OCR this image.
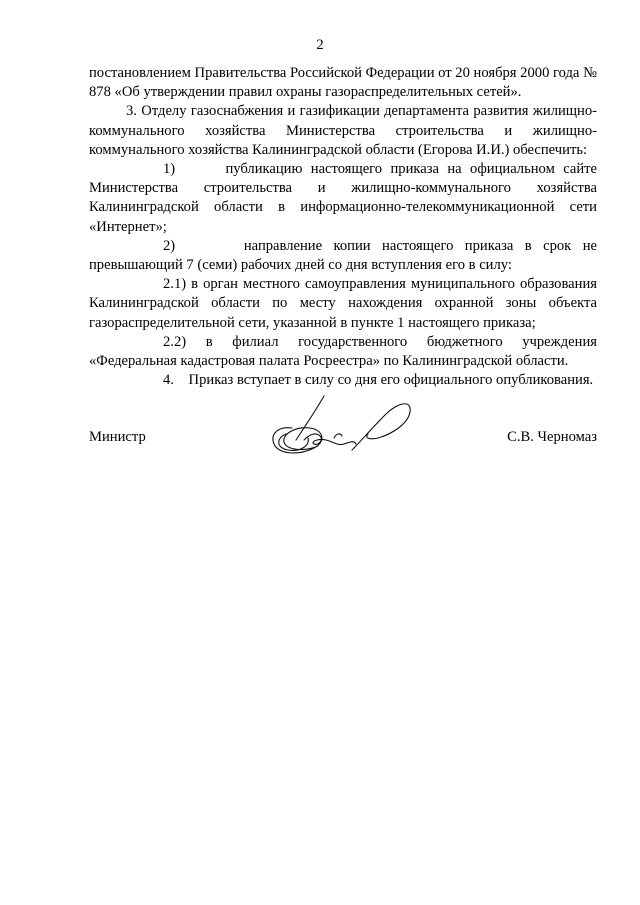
2

постановлением Правительства Российской Федерации от 20 ноября 2000 года № 878 «Об утверждении правил охраны газораспределительных сетей».

3. Отделу газоснабжения и газификации департамента развития жилищно-коммунального хозяйства Министерства строительства и жилищно-коммунального хозяйства Калининградской области (Егорова И.И.) обеспечить:

1)	публикацию настоящего приказа на официальном сайте Министерства строительства и жилищно-коммунального хозяйства Калининградской области в информационно-телекоммуникационной сети «Интернет»;

2)	направление копии настоящего приказа в срок не превышающий 7 (семи) рабочих дней со дня вступления его в силу:

2.1) в орган местного самоуправления муниципального образования Калининградской области по месту нахождения охранной зоны объекта газораспределительной сети, указанной в пункте 1 настоящего приказа;

2.2) в филиал государственного бюджетного учреждения «Федеральная кадастровая палата Росреестра» по Калининградской области.

4. Приказ вступает в силу со дня его официального опубликования.

Министр	С.В. Черномаз
